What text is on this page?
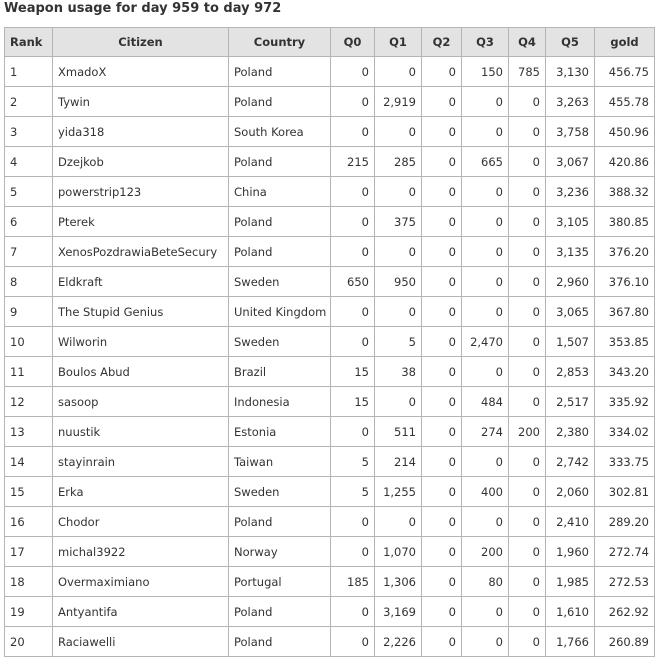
Weapon usage for day 959 to day 972
Rank	Citizen	Country	Q0	Q1	Q2	Q3	Q4	Q5	gold
1	XmadoX	Poland	0	0	0	150	785	3,130	456.75
2	Tywin	Poland	0	2,919	0	0	0	3,263	455.78
3	yida318	South Korea	0	0	0	0	0	3,758	450.96
4	Dzejkob	Poland	215	285	0	665	0	3,067	420.86
5	powerstrip123	China	0	0	0	0	0	3,236	388.32
6	Pterek	Poland	0	375	0	0	0	3,105	380.85
7	XenosPozdrawiaBeteSecury	Poland	0	0	0	0	0	3,135	376.20
8	Eldkraft	Sweden	650	950	0	0	0	2,960	376.10
9	The Stupid Genius	United Kingdom	0	0	0	0	0	3,065	367.80
10	Wilworin	Sweden	0	5	0	2,470	0	1,507	353.85
11	Boulos Abud	Brazil	15	38	0	0	0	2,853	343.20
12	sasoop	Indonesia	15	0	0	484	0	2,517	335.92
13	nuustik	Estonia	0	511	0	274	200	2,380	334.02
14	stayinrain	Taiwan	5	214	0	0	0	2,742	333.75
15	Erka	Sweden	5	1,255	0	400	0	2,060	302.81
16	Chodor	Poland	0	0	0	0	0	2,410	289.20
17	michal3922	Norway	0	1,070	0	200	0	1,960	272.74
18	Overmaximiano	Portugal	185	1,306	0	80	0	1,985	272.53
19	Antyantifa	Poland	0	3,169	0	0	0	1,610	262.92
20	Raciawelli	Poland	0	2,226	0	0	0	1,766	260.89
